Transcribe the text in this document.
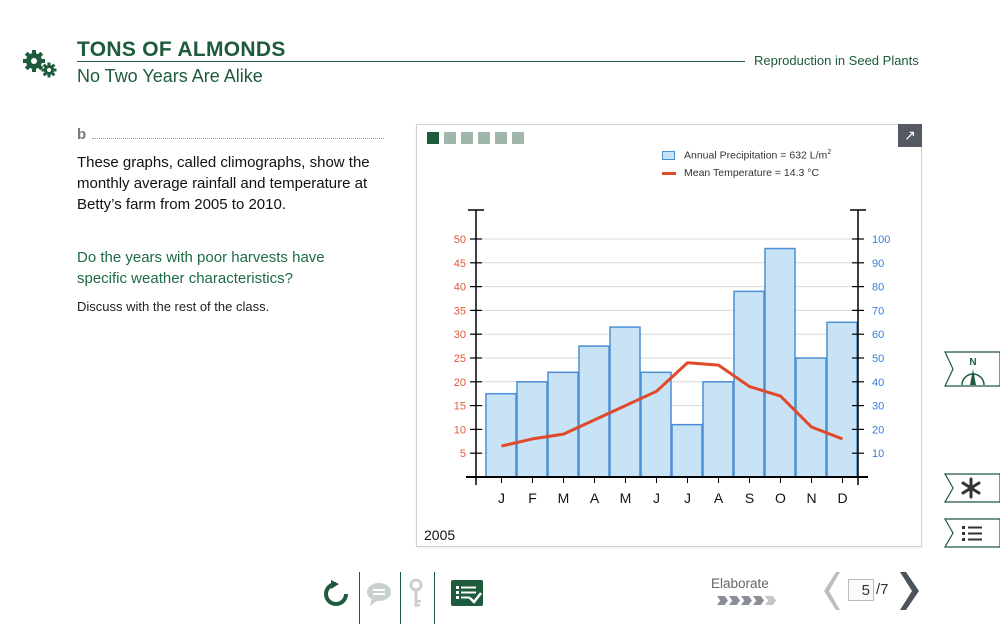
TONS OF ALMONDS
No Two Years Are Alike
Reproduction in Seed Plants
b
These graphs, called climographs, show the monthly average rainfall and temperature at Betty’s farm from 2005 to 2010.
Do the years with poor harvests have specific weather characteristics?
Discuss with the rest of the class.
↗
Annual Precipitation = 632 $L/m^2$
Mean Temperature = 14.3 °C
5
10
15
20
25
30
35
40
45
50
10
20
30
40
50
60
70
80
90
100
J F M A M J J A S O N D
2005
N
Elaborate	5 /7
